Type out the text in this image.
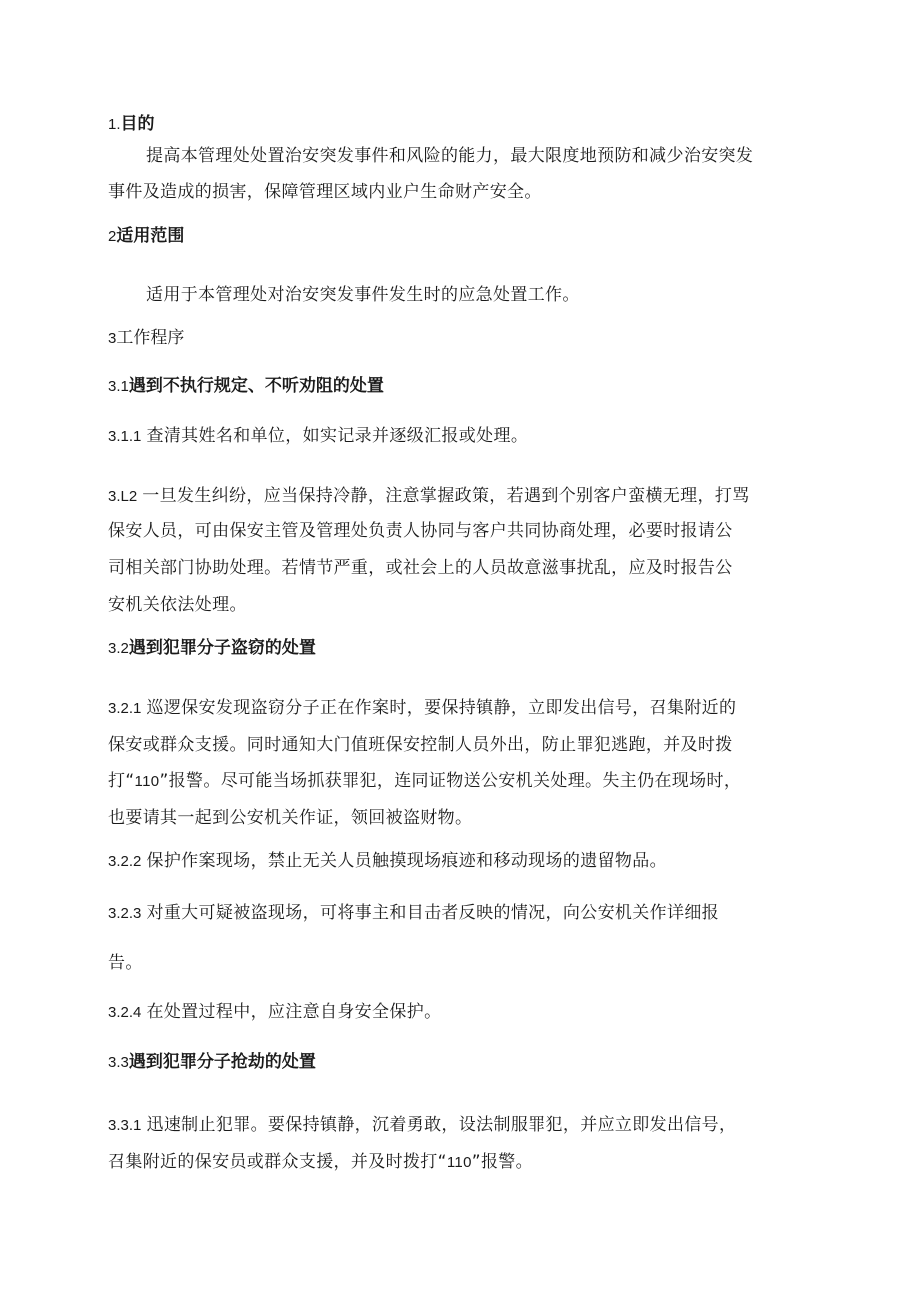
1.目的
提高本管理处处置治安突发事件和风险的能力，最大限度地预防和减少治安突发
事件及造成的损害，保障管理区域内业户生命财产安全。
2适用范围
适用于本管理处对治安突发事件发生时的应急处置工作。
3工作程序
3.1遇到不执行规定、不听劝阻的处置
3.1.1 查清其姓名和单位，如实记录并逐级汇报或处理。
3.L2 一旦发生纠纷，应当保持冷静，注意掌握政策，若遇到个别客户蛮横无理，打骂
保安人员，可由保安主管及管理处负责人协同与客户共同协商处理，必要时报请公
司相关部门协助处理。若情节严重，或社会上的人员故意滋事扰乱，应及时报告公
安机关依法处理。
3.2遇到犯罪分子盗窃的处置
3.2.1 巡逻保安发现盗窃分子正在作案时，要保持镇静，立即发出信号，召集附近的
保安或群众支援。同时通知大门值班保安控制人员外出，防止罪犯逃跑，并及时拨
打“110”报警。尽可能当场抓获罪犯，连同证物送公安机关处理。失主仍在现场时，
也要请其一起到公安机关作证，领回被盗财物。
3.2.2 保护作案现场，禁止无关人员触摸现场痕迹和移动现场的遗留物品。
3.2.3 对重大可疑被盗现场，可将事主和目击者反映的情况，向公安机关作详细报
告。
3.2.4 在处置过程中，应注意自身安全保护。
3.3遇到犯罪分子抢劫的处置
3.3.1 迅速制止犯罪。要保持镇静，沉着勇敢，设法制服罪犯，并应立即发出信号，
召集附近的保安员或群众支援，并及时拨打“110”报警。
